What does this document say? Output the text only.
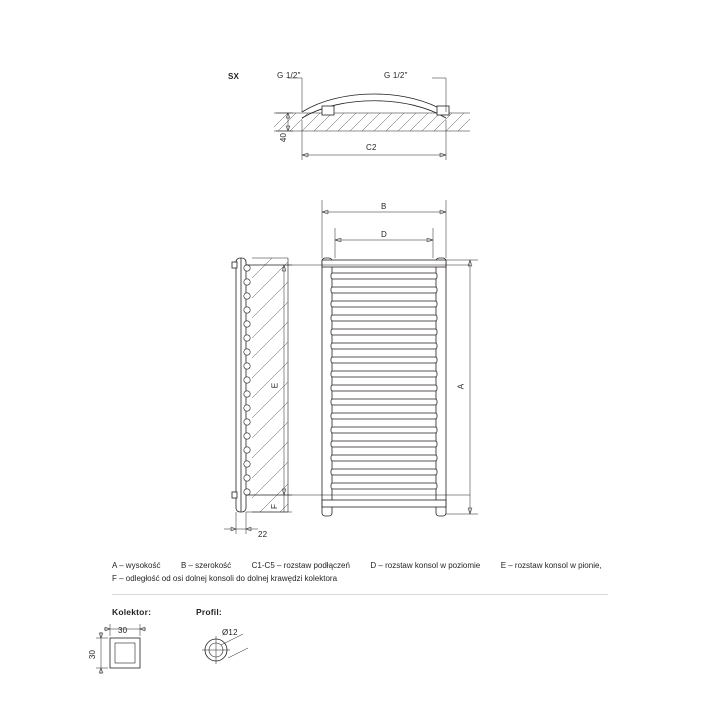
SX	G 1/2"	G 1/2"
40
C2
E
F
22
B
D
A
A – wysokość	B – szerokość	C1-C5 – rozstaw podłączeń	D – rozstaw konsol w poziomie	E – rozstaw konsol w pionie,
F – odległość od osi dolnej konsoli do dolnej krawędzi kolektora
Kolektor:	Profil:
30
30
Ø12
